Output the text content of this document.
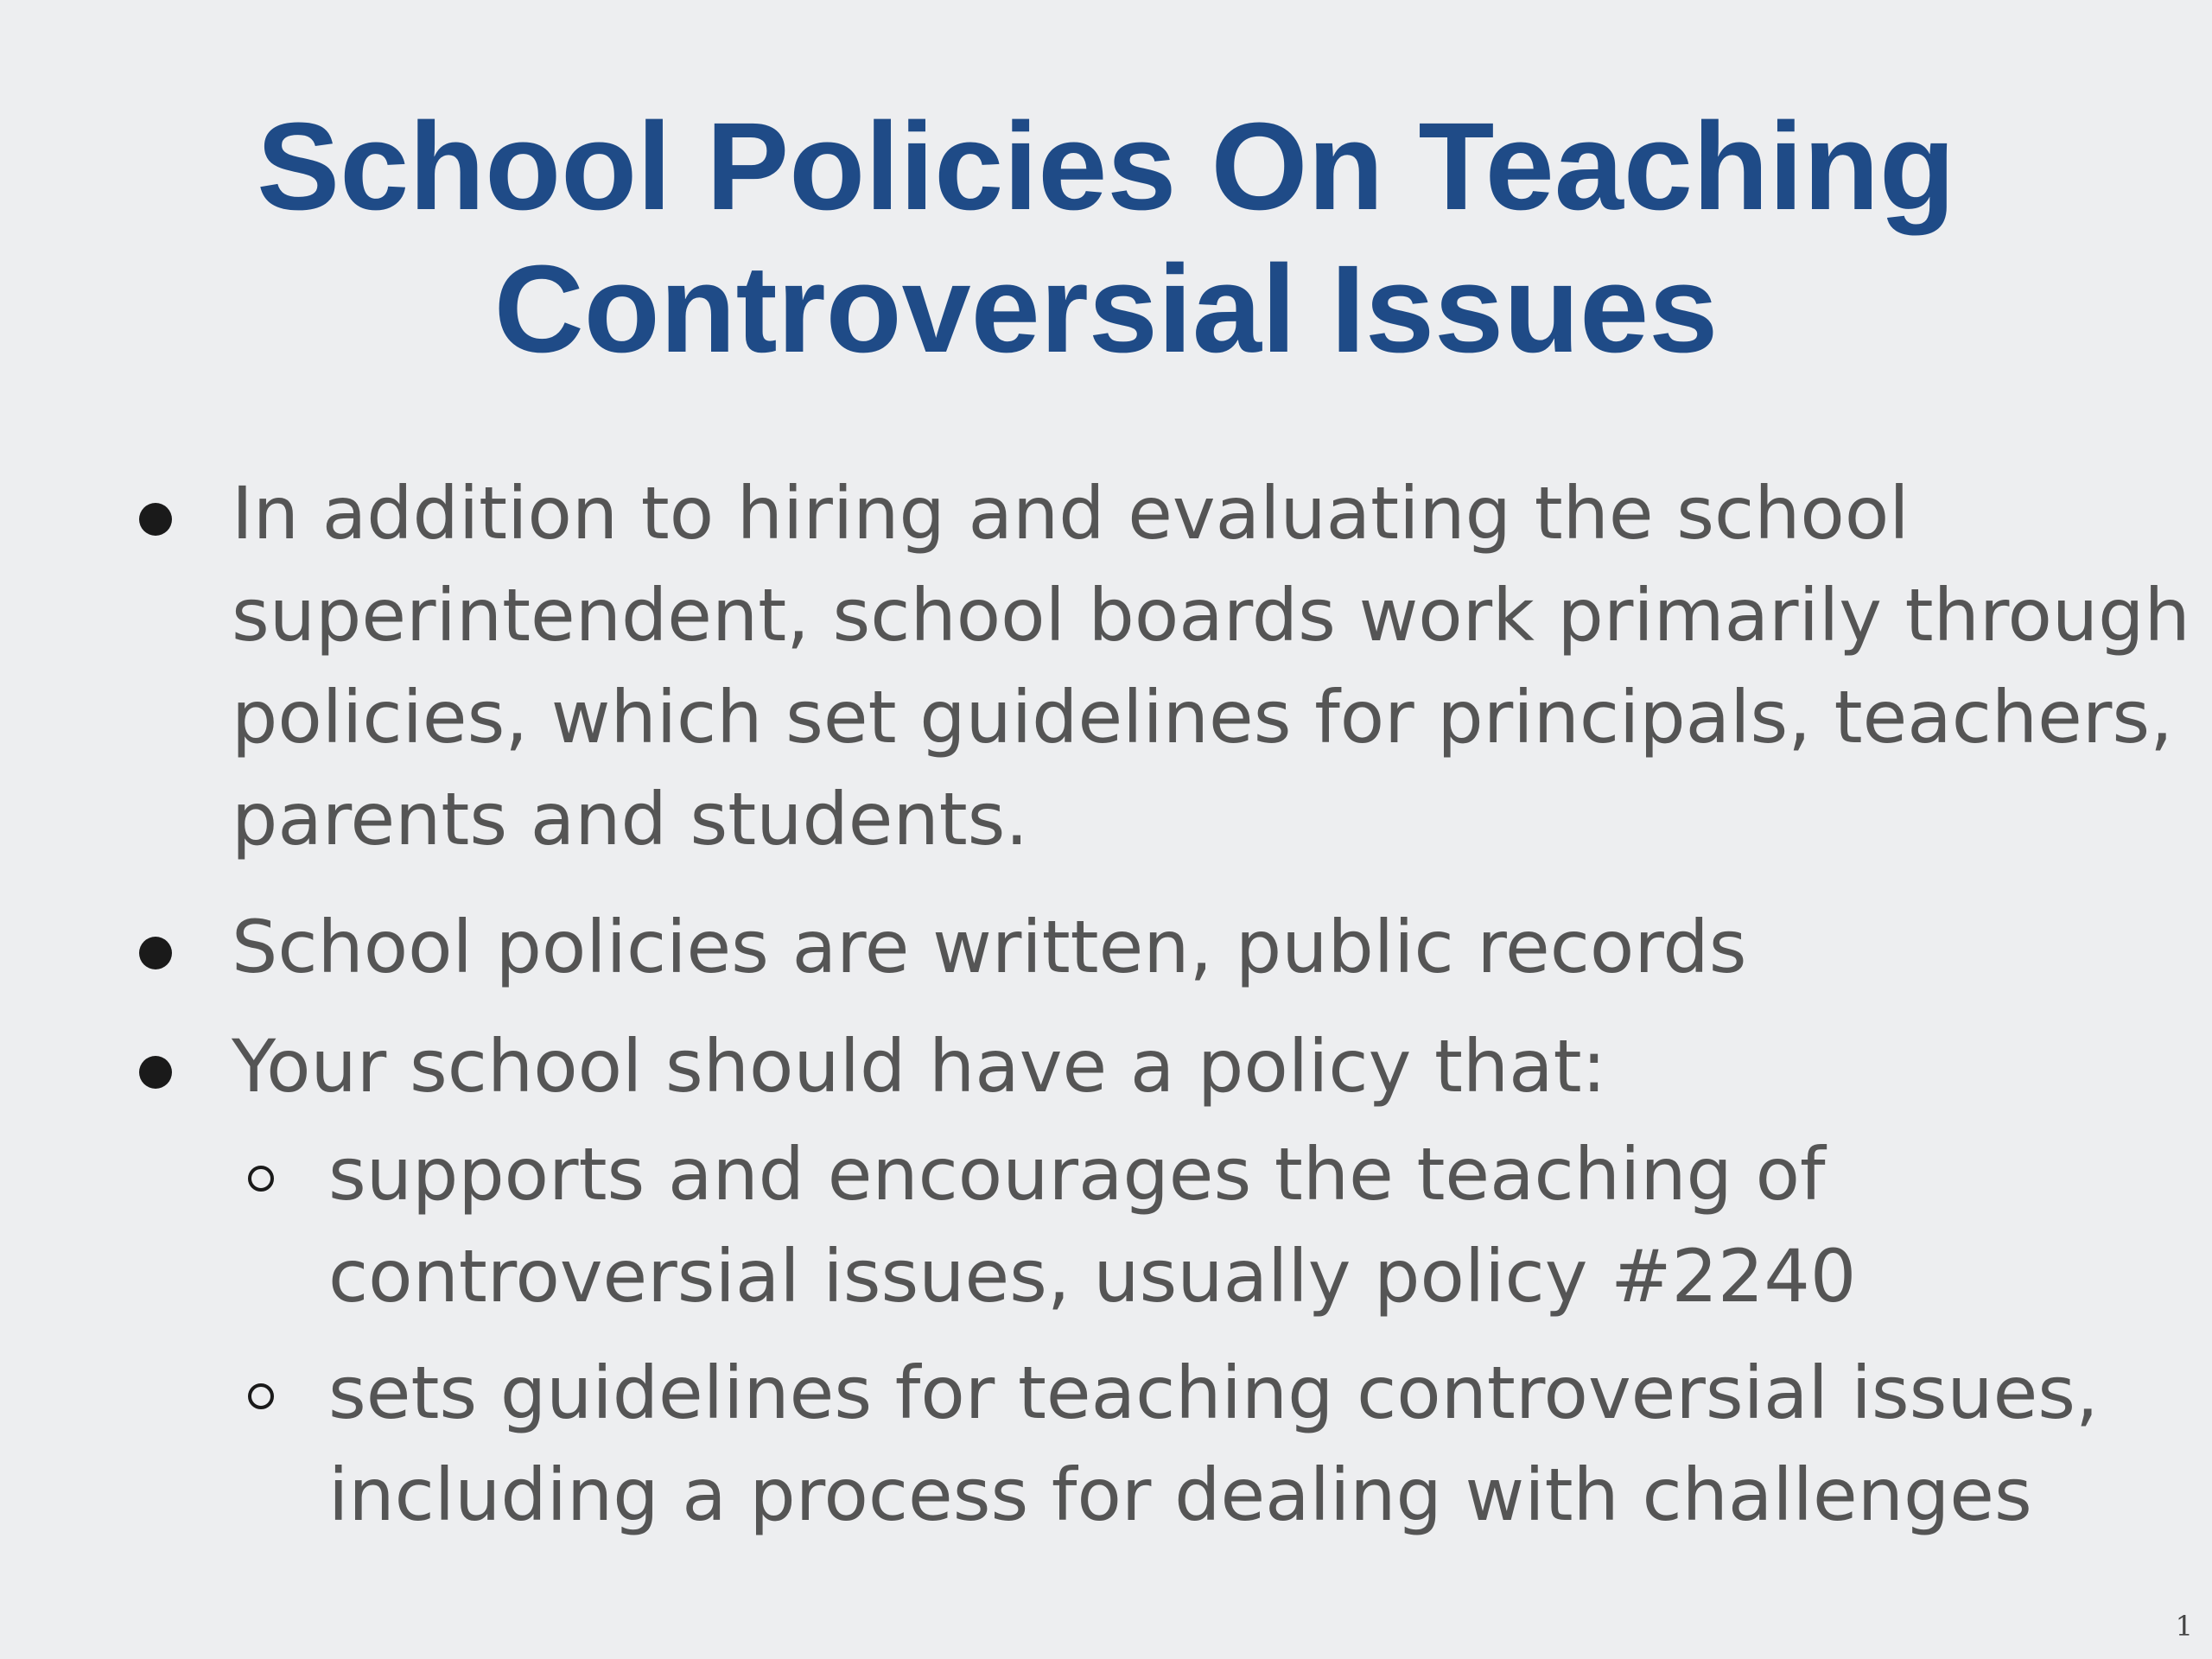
School Policies On Teaching
Controversial Issues
In addition to hiring and evaluating the school
superintendent, school boards work primarily through
policies, which set guidelines for principals, teachers,
parents and students.
School policies are written, public records
Your school should have a policy that:
supports and encourages the teaching of
controversial issues, usually policy #2240
sets guidelines for teaching controversial issues,
including a process for dealing with challenges
1
